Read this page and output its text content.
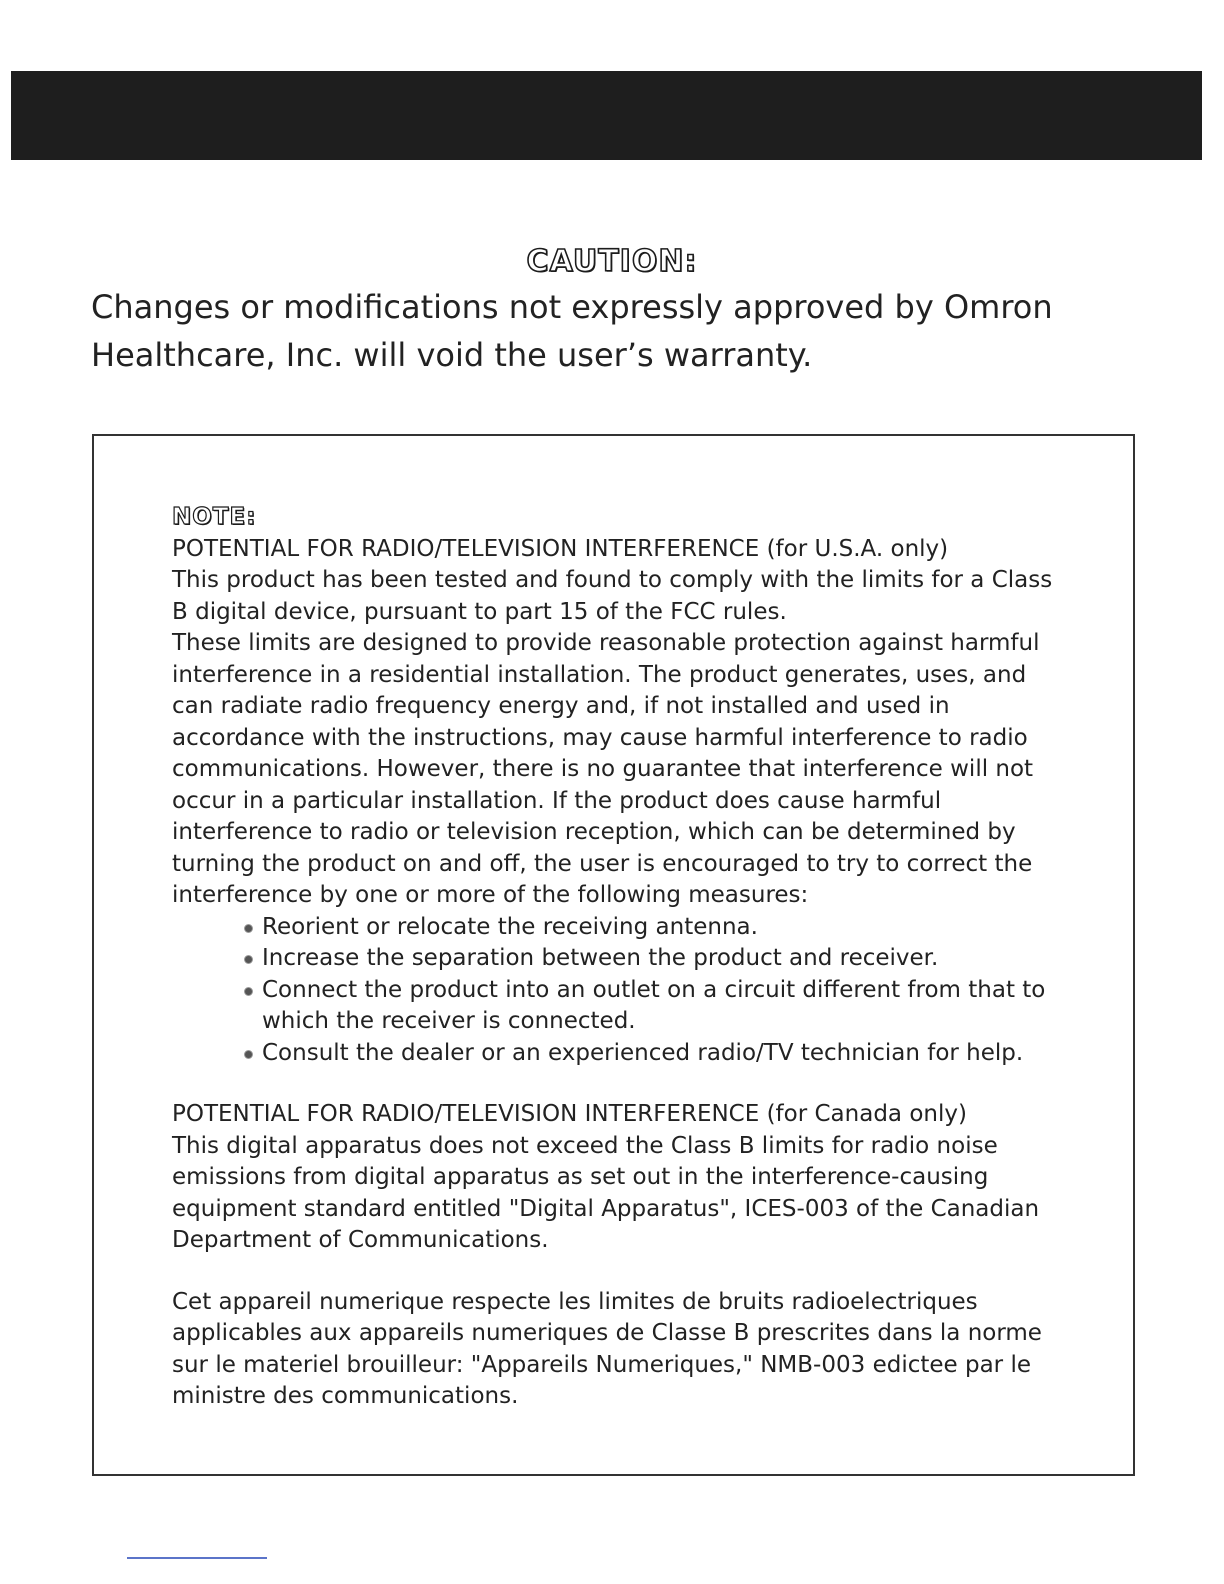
CAUTION:
Changes or modifications not expressly approved by Omron Healthcare, Inc. will void the user’s warranty.
NOTE:

POTENTIAL FOR RADIO/TELEVISION INTERFERENCE (for U.S.A. only)

This product has been tested and found to comply with the limits for a Class B digital device, pursuant to part 15 of the FCC rules.

These limits are designed to provide reasonable protection against harmful interference in a residential installation. The product generates, uses, and can radiate radio frequency energy and, if not installed and used in accordance with the instructions, may cause harmful interference to radio communications. However, there is no guarantee that interference will not occur in a particular installation. If the product does cause harmful interference to radio or television reception, which can be determined by turning the product on and off, the user is encouraged to try to correct the interference by one or more of the following measures:

Reorient or relocate the receiving antenna.
Increase the separation between the product and receiver.
Connect the product into an outlet on a circuit different from that to which the receiver is connected.
Consult the dealer or an experienced radio/TV technician for help.

POTENTIAL FOR RADIO/TELEVISION INTERFERENCE (for Canada only)

This digital apparatus does not exceed the Class B limits for radio noise emissions from digital apparatus as set out in the interference-causing equipment standard entitled "Digital Apparatus", ICES-003 of the Canadian Department of Communications.

Cet appareil numerique respecte les limites de bruits radioelectriques applicables aux appareils numeriques de Classe B prescrites dans la norme sur le materiel brouilleur: "Appareils Numeriques," NMB-003 edictee par le ministre des communications.
